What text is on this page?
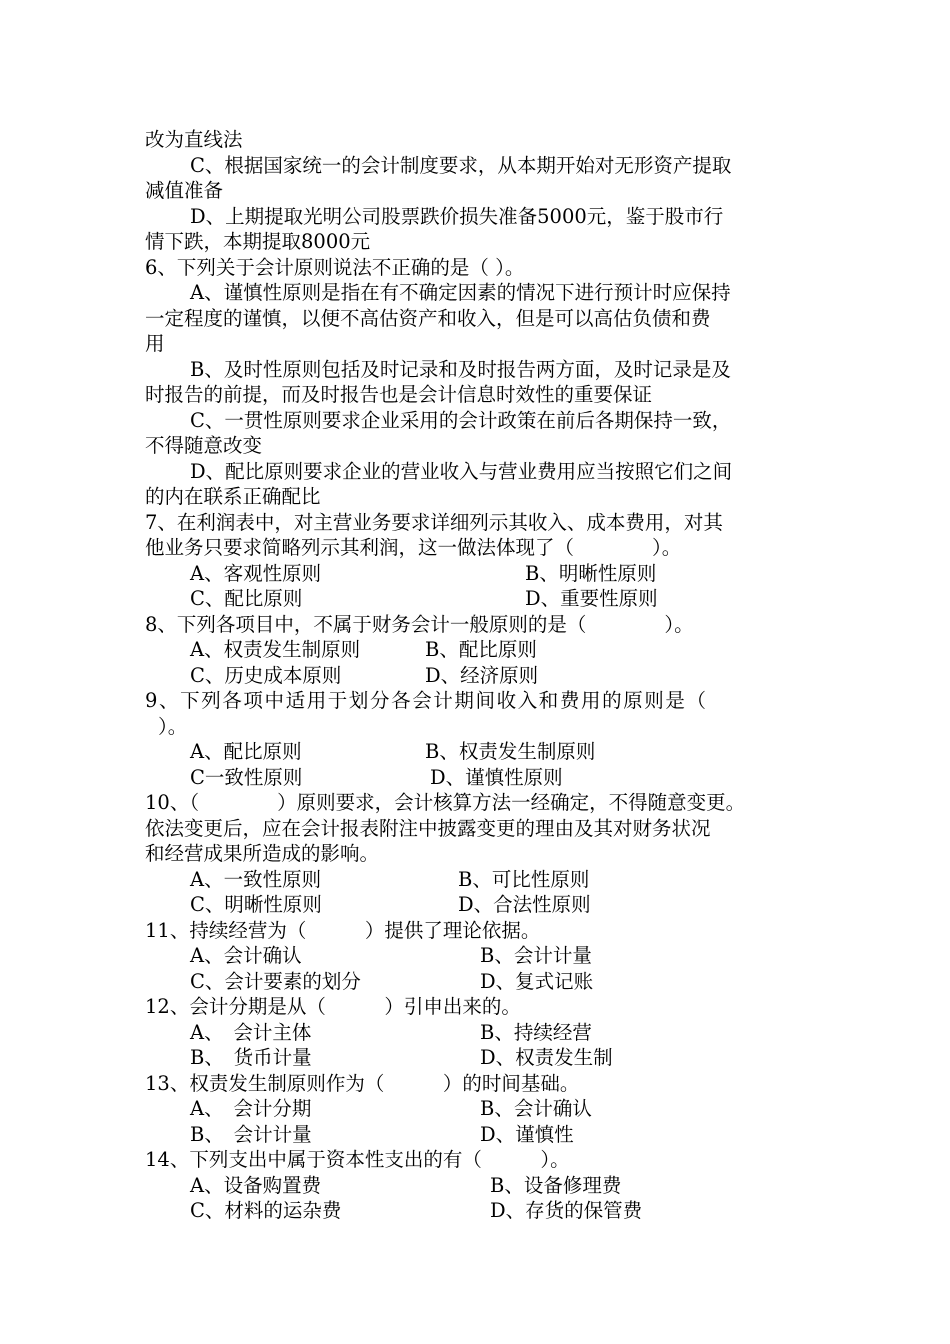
改为直线法
C、根据国家统一的会计制度要求，从本期开始对无形资产提取
减值准备
D、上期提取光明公司股票跌价损失准备5000元，鉴于股市行
情下跌，本期提取8000元
6、下列关于会计原则说法不正确的是（ ）。
A、谨慎性原则是指在有不确定因素的情况下进行预计时应保持
一定程度的谨慎，以便不高估资产和收入，但是可以高估负债和费
用
B、及时性原则包括及时记录和及时报告两方面，及时记录是及
时报告的前提，而及时报告也是会计信息时效性的重要保证
C、一贯性原则要求企业采用的会计政策在前后各期保持一致，
不得随意改变
D、配比原则要求企业的营业收入与营业费用应当按照它们之间
的内在联系正确配比
7、在利润表中，对主营业务要求详细列示其收入、成本费用，对其
他业务只要求简略列示其利润，这一做法体现了（　　　　）。
A、客观性原则	B、明晰性原则
C、配比原则	D、重要性原则
8、下列各项目中，不属于财务会计一般原则的是（　　　　）。
A、权责发生制原则	B、配比原则
C、历史成本原则	D、经济原则
9、下列各项中适用于划分各会计期间收入和费用的原则是（
）。
A、配比原则	B、权责发生制原则
C一致性原则	D、谨慎性原则
10、（　　　　）原则要求，会计核算方法一经确定，不得随意变更。
依法变更后，应在会计报表附注中披露变更的理由及其对财务状况
和经营成果所造成的影响。
A、一致性原则	B、可比性原则
C、明晰性原则	D、合法性原则
11、持续经营为（　　　）提供了理论依据。
A、会计确认	B、会计计量
C、会计要素的划分	D、复式记账
12、会计分期是从（　　　）引申出来的。
A、　会计主体	B、持续经营
B、　货币计量	D、权责发生制
13、权责发生制原则作为（　　　）的时间基础。
A、　会计分期	B、会计确认
B、　会计计量	D、谨慎性
14、下列支出中属于资本性支出的有（　　　）。
A、设备购置费	B、设备修理费
C、材料的运杂费	D、存货的保管费
